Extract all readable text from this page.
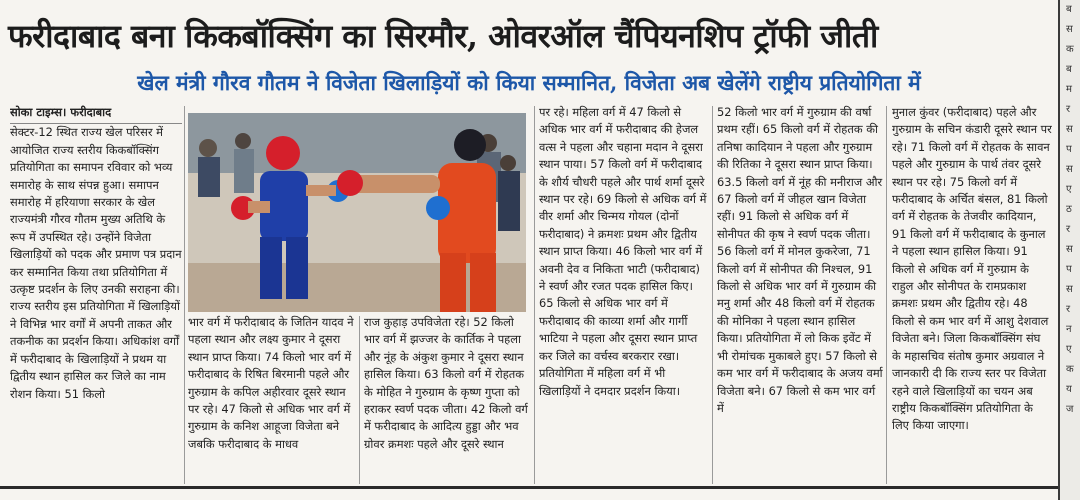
फरीदाबाद बना किकबॉक्सिंग का सिरमौर, ओवरऑल चैंपियनशिप ट्रॉफी जीती
खेल मंत्री गौरव गौतम ने विजेता खिलाड़ियों को किया सम्मानित, विजेता अब खेलेंगे राष्ट्रीय प्रतियोगिता में

सोका टाइम्स। फरीदाबाद

सेक्टर-12 स्थित राज्य खेल परिसर में आयोजित राज्य स्तरीय किकबॉक्सिंग प्रतियोगिता का समापन रविवार को भव्य समारोह के साथ संपन्न हुआ। समापन समारोह में हरियाणा सरकार के खेल राज्यमंत्री गौरव गौतम मुख्य अतिथि के रूप में उपस्थित रहे। उन्होंने विजेता खिलाड़ियों को पदक और प्रमाण पत्र प्रदान कर सम्मानित किया तथा प्रतियोगिता में उत्कृष्ट प्रदर्शन के लिए उनकी सराहना की। राज्य स्तरीय इस प्रतियोगिता में खिलाड़ियों ने विभिन्न भार वर्गों में अपनी ताकत और तकनीक का प्रदर्शन किया। अधिकांश वर्गों में फरीदाबाद के खिलाड़ियों ने प्रथम या द्वितीय स्थान हासिल कर जिले का नाम रोशन किया। 51 किलो

भार वर्ग में फरीदाबाद के जितिन यादव ने पहला स्थान और लक्ष्य कुमार ने दूसरा स्थान प्राप्त किया। 74 किलो भार वर्ग में फरीदाबाद के रिषित बिरमानी पहले और गुरुग्राम के कपिल अहीरवार दूसरे स्थान पर रहे। 47 किलो से अधिक भार वर्ग में गुरुग्राम के कनिश आहूजा विजेता बने जबकि फरीदाबाद के माधव

राज कुहाड़ उपविजेता रहे। 52 किलो भार वर्ग में झज्जर के कार्तिक ने पहला और नूंह के अंकुश कुमार ने दूसरा स्थान हासिल किया। 63 किलो वर्ग में रोहतक के मोहित ने गुरुग्राम के कृष्ण गुप्ता को हराकर स्वर्ण पदक जीता। 42 किलो वर्ग में फरीदाबाद के आदित्य हुड्डा और भव ग्रोवर क्रमशः पहले और दूसरे स्थान

पर रहे। महिला वर्ग में 47 किलो से अधिक भार वर्ग में फरीदाबाद की हेजल वत्स ने पहला और चहाना मदान ने दूसरा स्थान पाया। 57 किलो वर्ग में फरीदाबाद के शौर्य चौधरी पहले और पार्थ शर्मा दूसरे स्थान पर रहे। 69 किलो से अधिक वर्ग में वीर शर्मा और चिन्मय गोयल (दोनों फरीदाबाद) ने क्रमशः प्रथम और द्वितीय स्थान प्राप्त किया। 46 किलो भार वर्ग में अवनी देव व निकिता भाटी (फरीदाबाद) ने स्वर्ण और रजत पदक हासिल किए। 65 किलो से अधिक भार वर्ग में फरीदाबाद की काव्या शर्मा और गार्गी भाटिया ने पहला और दूसरा स्थान प्राप्त कर जिले का वर्चस्व बरकरार रखा। प्रतियोगिता में महिला वर्ग में भी खिलाड़ियों ने दमदार प्रदर्शन किया।

52 किलो भार वर्ग में गुरुग्राम की वर्षा प्रथम रहीं। 65 किलो वर्ग में रोहतक की तनिषा कादियान ने पहला और गुरुग्राम की रितिका ने दूसरा स्थान प्राप्त किया। 63.5 किलो वर्ग में नूंह की मनीराज और 67 किलो वर्ग में जीहल खान विजेता रहीं। 91 किलो से अधिक वर्ग में सोनीपत की कृष ने स्वर्ण पदक जीता। 56 किलो वर्ग में मोनल कुकरेजा, 71 किलो वर्ग में सोनीपत की निश्चल, 91 किलो से अधिक भार वर्ग में गुरुग्राम की मनु शर्मा और 48 किलो वर्ग में रोहतक की मोनिका ने पहला स्थान हासिल किया। प्रतियोगिता में लो किक इवेंट में भी रोमांचक मुकाबले हुए। 57 किलो से कम भार वर्ग में फरीदाबाद के अजय वर्मा विजेता बने। 67 किलो से कम भार वर्ग में

मुनाल कुंवर (फरीदाबाद) पहले और गुरुग्राम के सचिन कंडारी दूसरे स्थान पर रहे। 71 किलो वर्ग में रोहतक के सावन पहले और गुरुग्राम के पार्थ तंवर दूसरे स्थान पर रहे। 75 किलो वर्ग में फरीदाबाद के अर्चित बंसल, 81 किलो वर्ग में रोहतक के तेजवीर कादियान, 91 किलो वर्ग में फरीदाबाद के कुनाल ने पहला स्थान हासिल किया। 91 किलो से अधिक वर्ग में गुरुग्राम के राहुल और सोनीपत के रामप्रकाश क्रमशः प्रथम और द्वितीय रहे। 48 किलो से कम भार वर्ग में आशु देशवाल विजेता बने। जिला किकबॉक्सिंग संघ के महासचिव संतोष कुमार अग्रवाल ने जानकारी दी कि राज्य स्तर पर विजेता रहने वाले खिलाड़ियों का चयन अब राष्ट्रीय किकबॉक्सिंग प्रतियोगिता के लिए किया जाएगा।

ब
स
क
ब
म
र
स
प
स
ए
ठ
र
स
प
स
र
न
ए
क
य
ज
